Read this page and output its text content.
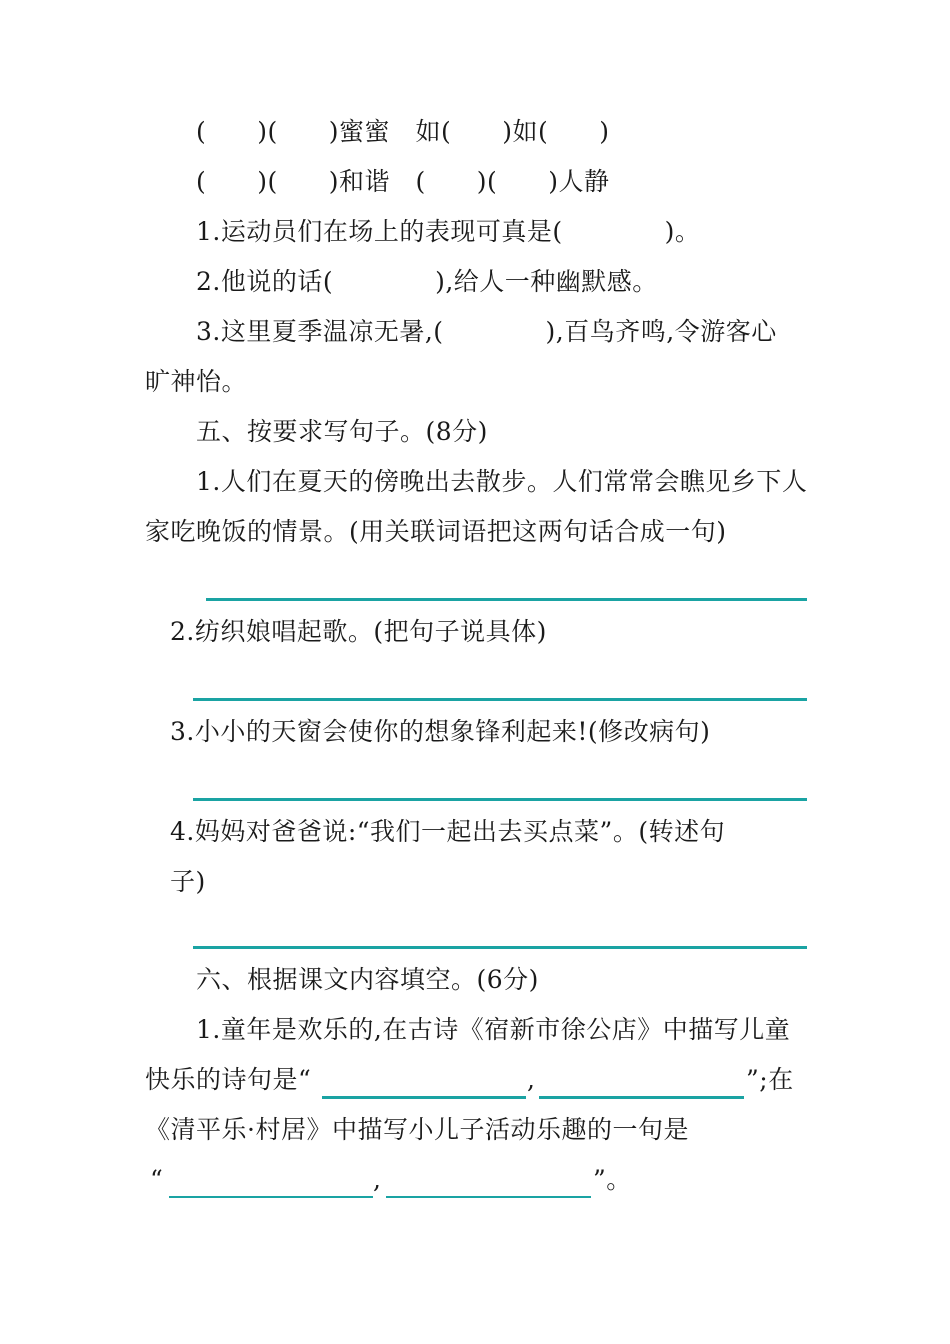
(　　)(　　)蜜蜜　如(　　)如(　　)
(　　)(　　)和谐　(　　)(　　)人静
1.运动员们在场上的表现可真是(　　　　)。
2.他说的话(　　　　),给人一种幽默感。
3.这里夏季温凉无暑,(　　　　),百鸟齐鸣,令游客心
旷神怡。
五、按要求写句子。(8分)
1.人们在夏天的傍晚出去散步。人们常常会瞧见乡下人
家吃晚饭的情景。(用关联词语把这两句话合成一句)
2.纺织娘唱起歌。(把句子说具体)
3.小小的天窗会使你的想象锋利起来!(修改病句)
4.妈妈对爸爸说:“我们一起出去买点菜”。(转述句
子)
六、根据课文内容填空。(6分)
1.童年是欢乐的,在古诗《宿新市徐公店》中描写儿童
快乐的诗句是“	,	”;在
《清平乐·村居》中描写小儿子活动乐趣的一句是
“	,	”。
